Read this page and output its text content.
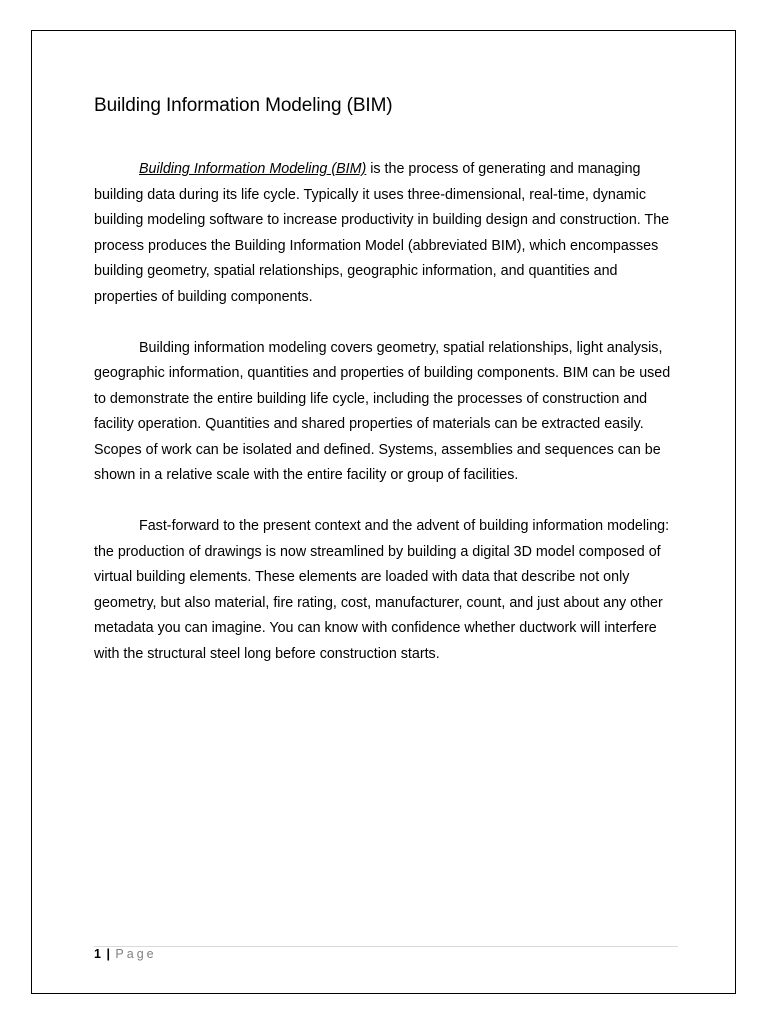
Building Information Modeling (BIM)

Building Information Modeling (BIM) is the process of generating and managing building data during its life cycle. Typically it uses three-dimensional, real-time, dynamic building modeling software to increase productivity in building design and construction. The process produces the Building Information Model (abbreviated BIM), which encompasses building geometry, spatial relationships, geographic information, and quantities and properties of building components.

Building information modeling covers geometry, spatial relationships, light analysis, geographic information, quantities and properties of building components. BIM can be used to demonstrate the entire building life cycle, including the processes of construction and facility operation. Quantities and shared properties of materials can be extracted easily. Scopes of work can be isolated and defined. Systems, assemblies and sequences can be shown in a relative scale with the entire facility or group of facilities.

Fast-forward to the present context and the advent of building information modeling: the production of drawings is now streamlined by building a digital 3D model composed of virtual building elements. These elements are loaded with data that describe not only geometry, but also material, fire rating, cost, manufacturer, count, and just about any other metadata you can imagine. You can know with confidence whether ductwork will interfere with the structural steel long before construction starts.

1 | Page
